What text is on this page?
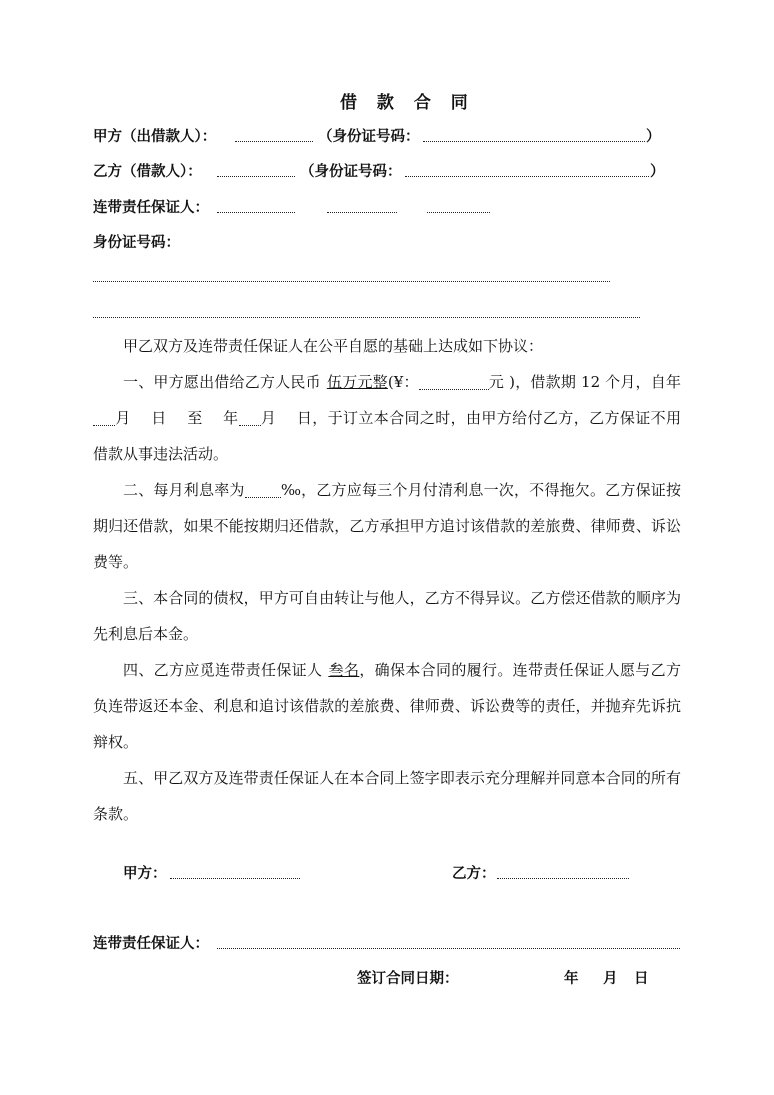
借 款 合 同
甲方（出借款人）：	（身份证号码：	）
乙方（借款人）：	（身份证号码：	）
连带责任保证人：
身份证号码：
甲乙双方及连带责任保证人在公平自愿的基础上达成如下协议：
一、甲方愿出借给乙方人民币 伍万元整(¥：	元 )，借款期 12 个月，自年月　 日　 至　 年 月　 日，于订立本合同之时，由甲方给付乙方，乙方保证不用借款从事违法活动。
二、每月利息率为 ‰，乙方应每三个月付清利息一次，不得拖欠。乙方保证按期归还借款，如果不能按期归还借款，乙方承担甲方追讨该借款的差旅费、律师费、诉讼费等。
三、本合同的债权，甲方可自由转让与他人，乙方不得异议。乙方偿还借款的顺序为先利息后本金。
四、乙方应觅连带责任保证人 叁名，确保本合同的履行。连带责任保证人愿与乙方负连带返还本金、利息和追讨该借款的差旅费、律师费、诉讼费等的责任，并抛弃先诉抗辩权。
五、甲乙双方及连带责任保证人在本合同上签字即表示充分理解并同意本合同的所有条款。
甲方：	乙方：
连带责任保证人：
签订合同日期：	年 月 日
